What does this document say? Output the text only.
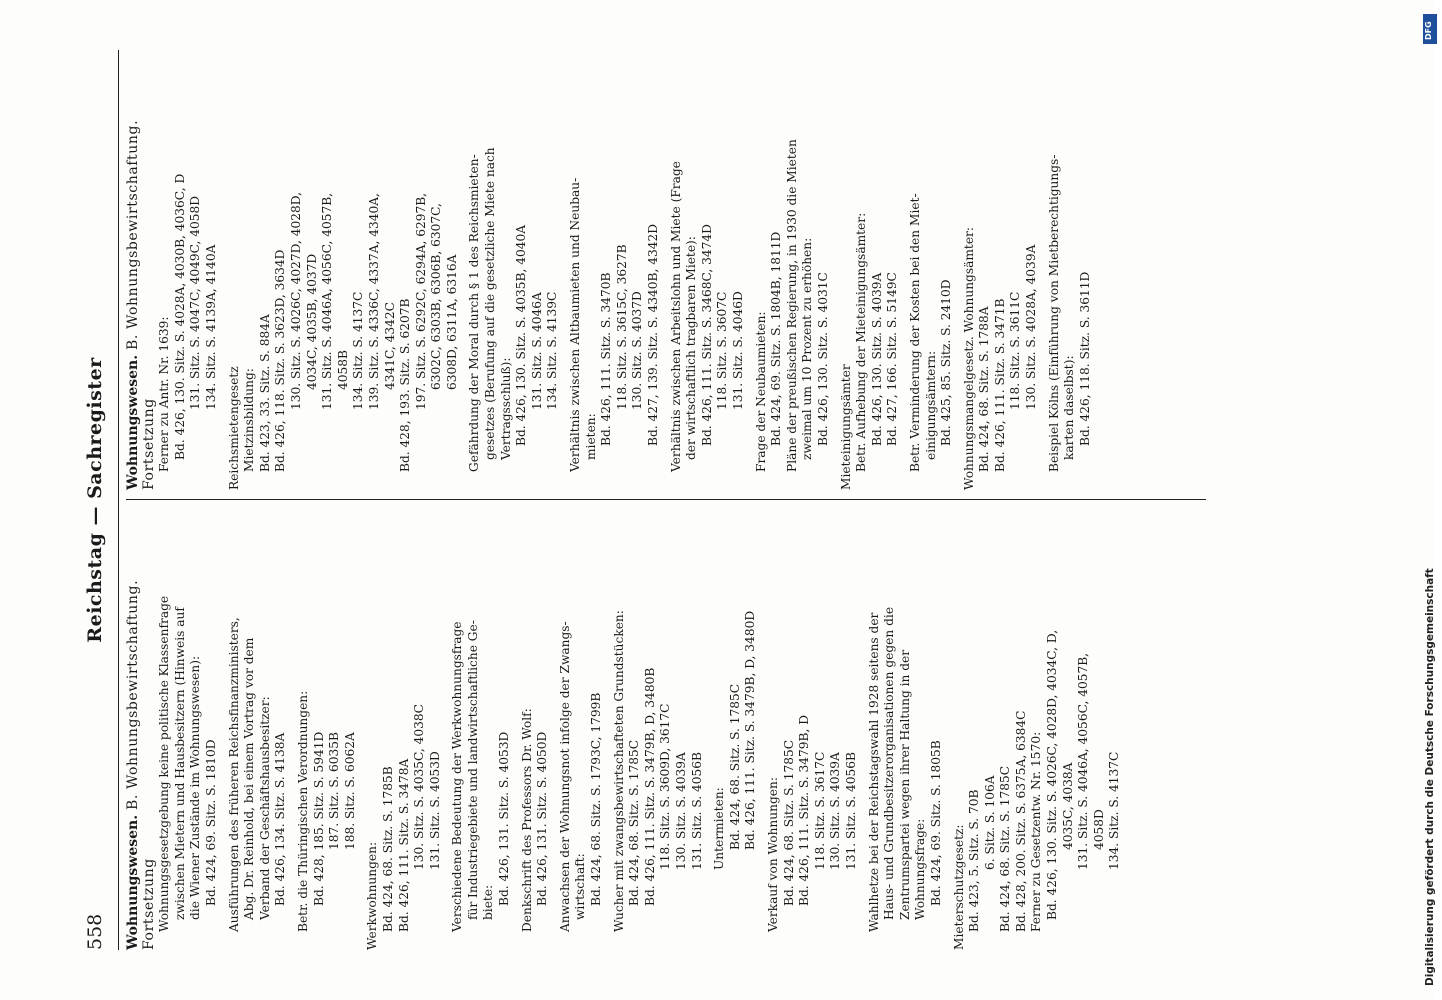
558
Reichstag — Sachregister
Wohnungswesen. B. Wohnungsbewirtschaftung. Fortsetzung Wohnungsgesetzgebung keine politische Klassenfrage zwischen Mietern und Hausbesitzern (Hinweis auf die Wiener Zustände im Wohnungswesen): Bd. 424, 69. Sitz. S. 1810D Ausführungen des früheren Reichsfinanzministers, Abg. Dr. Reinhold, bei einem Vortrag vor dem Verband der Geschäftshausbesitzer: Bd. 426, 134. Sitz. S. 4138A Betr. die Thüringischen Verordnungen: Bd. 428, 185. Sitz. S. 5941D 187. Sitz. S. 6035B 188. Sitz. S. 6062A
Werkwohnungen: Bd. 424, 68. Sitz. S. 1785B Bd. 426, 111. Sitz. S. 3478A 130. Sitz. S. 4035C, 4038C 131. Sitz. S. 4053D Verschiedene Bedeutung der Werkwohnungsfrage für Industriegebiete und landwirtschaftliche Ge- biete: Bd. 426, 131. Sitz. S. 4053D Denkschrift des Professors Dr. Wolf: Bd. 426, 131. Sitz. S. 4050D Anwachsen der Wohnungsnot infolge der Zwangs- wirtschaft: Bd. 424, 68. Sitz. S. 1793C, 1799B Wucher mit zwangsbewirtschafteten Grundstücken: Bd. 424, 68. Sitz. S. 1785C Bd. 426, 111. Sitz. S. 3479B, D, 3480B 118. Sitz. S. 3609D, 3617C 130. Sitz. S. 4039A 131. Sitz. S. 4056B Untermieten: Bd. 424, 68. Sitz. S. 1785C Bd. 426, 111. Sitz. S. 3479B, D, 3480D
Verkauf von Wohnungen: Bd. 424, 68. Sitz. S. 1785C Bd. 426, 111. Sitz. S. 3479B, D 118. Sitz. S. 3617C 130. Sitz. S. 4039A 131. Sitz. S. 4056B Wahlhetze bei der Reichstagswahl 1928 seitens der Haus- und Grundbesitzerorganisationen gegen die Zentrumspartei wegen ihrer Haltung in der Wohnungsfrage: Bd. 424, 69. Sitz. S. 1805B Mieterschutzgesetz: Bd. 423, 5. Sitz. S. 70B 6. Sitz. S. 106A Bd. 424, 68. Sitz. S. 1785C Bd. 428, 200. Sitz. S. 6375A, 6384C Ferner zu Gesetzentw. Nr. 1570: Bd. 426, 130. Sitz. S. 4026C, 4028D, 4034C, D, 4035C, 4038A 131. Sitz. S. 4046A, 4056C, 4057B, 4058D 134. Sitz. S. 4137C
Wohnungswesen. B. Wohnungsbewirtschaftung. Fortsetzung Ferner zu Antr. Nr. 1639: Bd. 426, 130. Sitz. S. 4028A, 4030B, 4036C, D 131. Sitz. S. 4047C, 4049C, 4058D 134. Sitz. S. 4139A, 4140A
Reichsmietengesetz Mietzinsbildung: Bd. 423, 33. Sitz. S. 884A Bd. 426, 118. Sitz. S. 3623D, 3634D 130. Sitz. S. 4026C, 4027D, 4028D, 4034C, 4035B, 4037D 131. Sitz. S. 4046A, 4056C, 4057B, 4058B 134. Sitz. S. 4137C 139. Sitz. S. 4336C, 4337A, 4340A, 4341C, 4342C Bd. 428, 193. Sitz. S. 6207B 197. Sitz. S. 6292C, 6294A, 6297B, 6302C, 6303B, 6306B, 6307C, 6308D, 6311A, 6316A Gefährdung der Moral durch § 1 des Reichsmieten- gesetzes (Berufung auf die gesetzliche Miete nach Vertragsschluß): Bd. 426, 130. Sitz. S. 4035B, 4040A 131. Sitz. S. 4046A 134. Sitz. S. 4139C Verhältnis zwischen Altbaumieten und Neubau- mieten: Bd. 426, 111. Sitz. S. 3470B 118. Sitz. S. 3615C, 3627B 130. Sitz. S. 4037D Bd. 427, 139. Sitz. S. 4340B, 4342D Verhältnis zwischen Arbeitslohn und Miete (Frage der wirtschaftlich tragbaren Miete): Bd. 426, 111. Sitz. S. 3468C, 3474D 118. Sitz. S. 3607C 131. Sitz. S. 4046D Frage der Neubaumieten: Bd. 424, 69. Sitz. S. 1804B, 1811D Pläne der preußischen Regierung, in 1930 die Mieten zweimal um 10 Prozent zu erhöhen: Bd. 426, 130. Sitz. S. 4031C Mieteinigungsämter Betr. Aufhebung der Mieteinigungsämter: Bd. 426, 130. Sitz. S. 4039A Bd. 427, 166. Sitz. S. 5149C Betr. Verminderung der Kosten bei den Miet- einigungsämtern: Bd. 425, 85. Sitz. S. 2410D Wohnungsmangelgesetz. Wohnungsämter: Bd. 424, 68. Sitz. S. 1788A Bd. 426, 111. Sitz. S. 3471B 118. Sitz. S. 3611C 130. Sitz. S. 4028A, 4039A Beispiel Kölns (Einführung von Mietberechtigungs- karten daselbst): Bd. 426, 118. Sitz. S. 3611D
Digitalisierung gefördert durch die Deutsche Forschungsgemeinschaft
DFG
